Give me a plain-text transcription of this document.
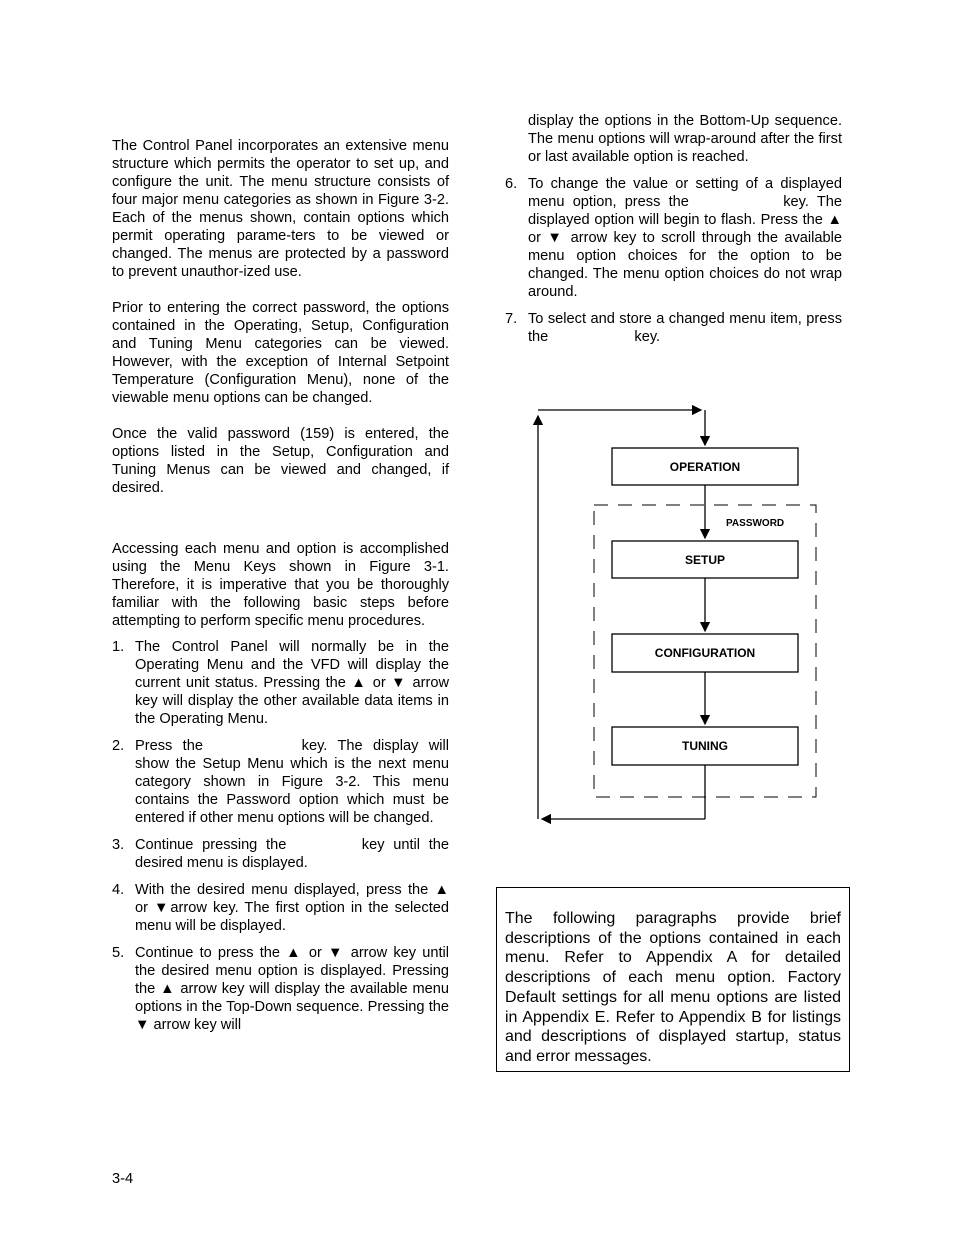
The Control Panel incorporates an extensive menu structure which permits the operator to set up, and configure the unit. The menu structure consists of four major menu categories as shown in Figure 3-2. Each of the menus shown, contain options which permit operating parame-ters to be viewed or changed. The menus are protected by a password to prevent unauthor-ized use.

Prior to entering the correct password, the options contained in the Operating, Setup, Configuration and Tuning Menu categories can be viewed. However, with the exception of Internal Setpoint Temperature (Configuration Menu), none of the viewable menu options can be changed.

Once the valid password (159) is entered, the options listed in the Setup, Configuration and Tuning Menus can be viewed and changed, if desired.

Accessing each menu and option is accomplished using the Menu Keys shown in Figure 3-1. Therefore, it is imperative that you be thoroughly familiar with the following basic steps before attempting to perform specific menu procedures.

1. The Control Panel will normally be in the Operating Menu and the VFD will display the current unit status. Pressing the ▲ or ▼ arrow key will display the other available data items in the Operating Menu.
2. Press the	key. The display will show the Setup Menu which is the next menu category shown in Figure 3-2. This menu contains the Password option which must be entered if other menu options will be changed.
3. Continue pressing the	key until the desired menu is displayed.
4. With the desired menu displayed, press the ▲ or ▼arrow key. The first option in the selected menu will be displayed.
5. Continue to press the ▲ or ▼ arrow key until the desired menu option is displayed. Pressing the ▲ arrow key will display the available menu options in the Top-Down sequence. Pressing the ▼ arrow key will
display the options in the Bottom-Up sequence. The menu options will wrap-around after the first or last available option is reached.
6. To change the value or setting of a displayed menu option, press the	key. The displayed option will begin to flash. Press the ▲ or ▼ arrow key to scroll through the available menu option choices for the option to be changed. The menu option choices do not wrap around.
7. To select and store a changed menu item, press the	key.
OPERATION
SETUP
CONFIGURATION
TUNING
PASSWORD
The following paragraphs provide brief descriptions of the options contained in each menu. Refer to Appendix A for detailed descriptions of each menu option. Factory Default settings for all menu options are listed in Appendix E. Refer to Appendix B for listings and descriptions of displayed startup, status and error messages.
3-4
